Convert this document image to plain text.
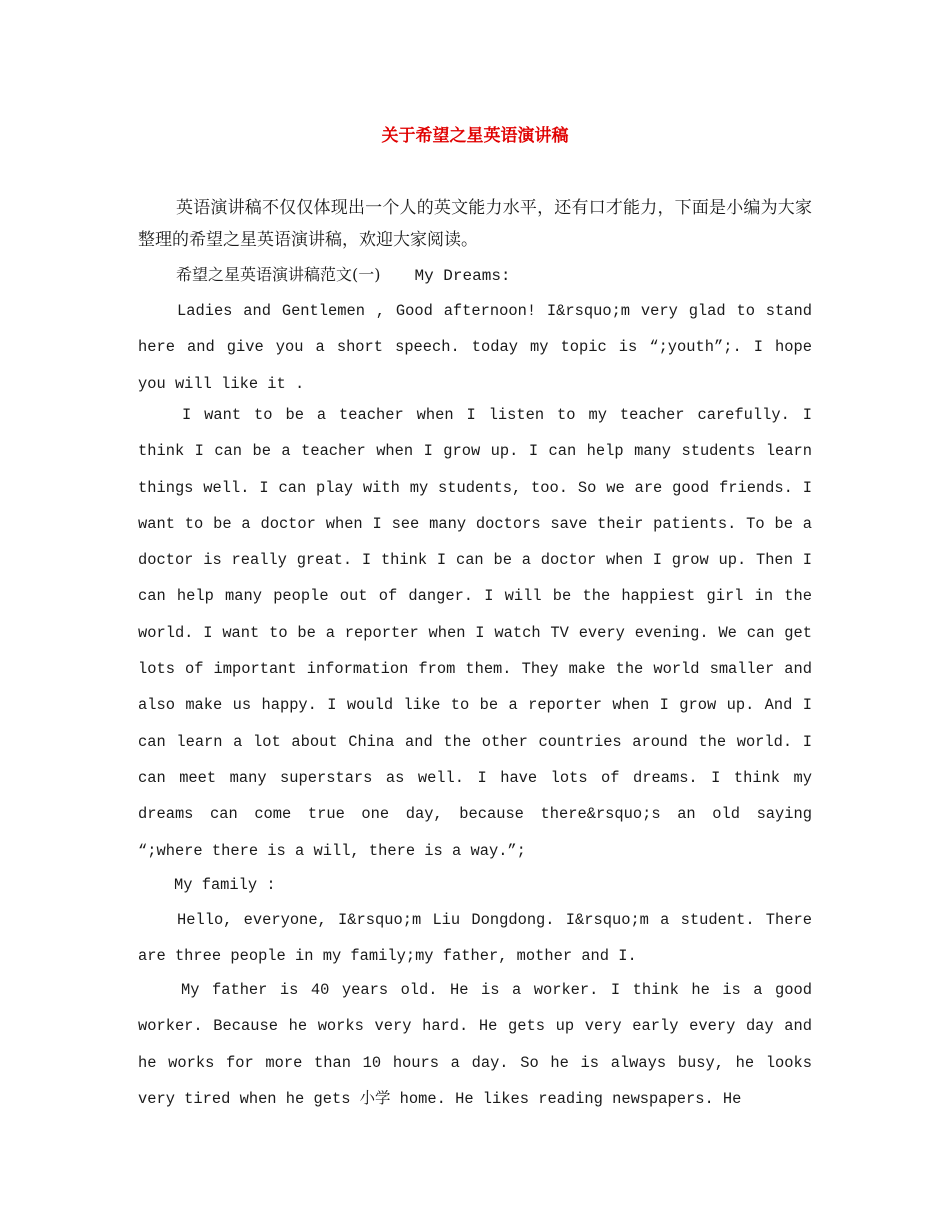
关于希望之星英语演讲稿

英语演讲稿不仅仅体现出一个人的英文能力水平，还有口才能力，下面是小编为大家整理的希望之星英语演讲稿，欢迎大家阅读。

希望之星英语演讲稿范文(一) My Dreams:

Ladies and Gentlemen , Good afternoon! I&rsquo;m very glad to stand here and give you a short speech. today my topic is “;youth”;. I hope you will like it .

I want to be a teacher when I listen to my teacher carefully. I think I can be a teacher when I grow up. I can help many students learn things well. I can play with my students, too. So we are good friends. I want to be a doctor when I see many doctors save their patients. To be a doctor is really great. I think I can be a doctor when I grow up. Then I can help many people out of danger. I will be the happiest girl in the world. I want to be a reporter when I watch TV every evening. We can get lots of important information from them. They make the world smaller and also make us happy. I would like to be a reporter when I grow up. And I can learn a lot about China and the other countries around the world. I can meet many superstars as well. I have lots of dreams. I think my dreams can come true one day, because there&rsquo;s an old saying “;where there is a will, there is a way.”;

My family :

Hello, everyone, I&rsquo;m Liu Dongdong. I&rsquo;m a student. There are three people in my family;my father, mother and I.

My father is 40 years old. He is a worker. I think he is a good worker. Because he works very hard. He gets up very early every day and he works for more than 10 hours a day. So he is always busy, he looks very tired when he gets 小学 home. He likes reading newspapers. He
